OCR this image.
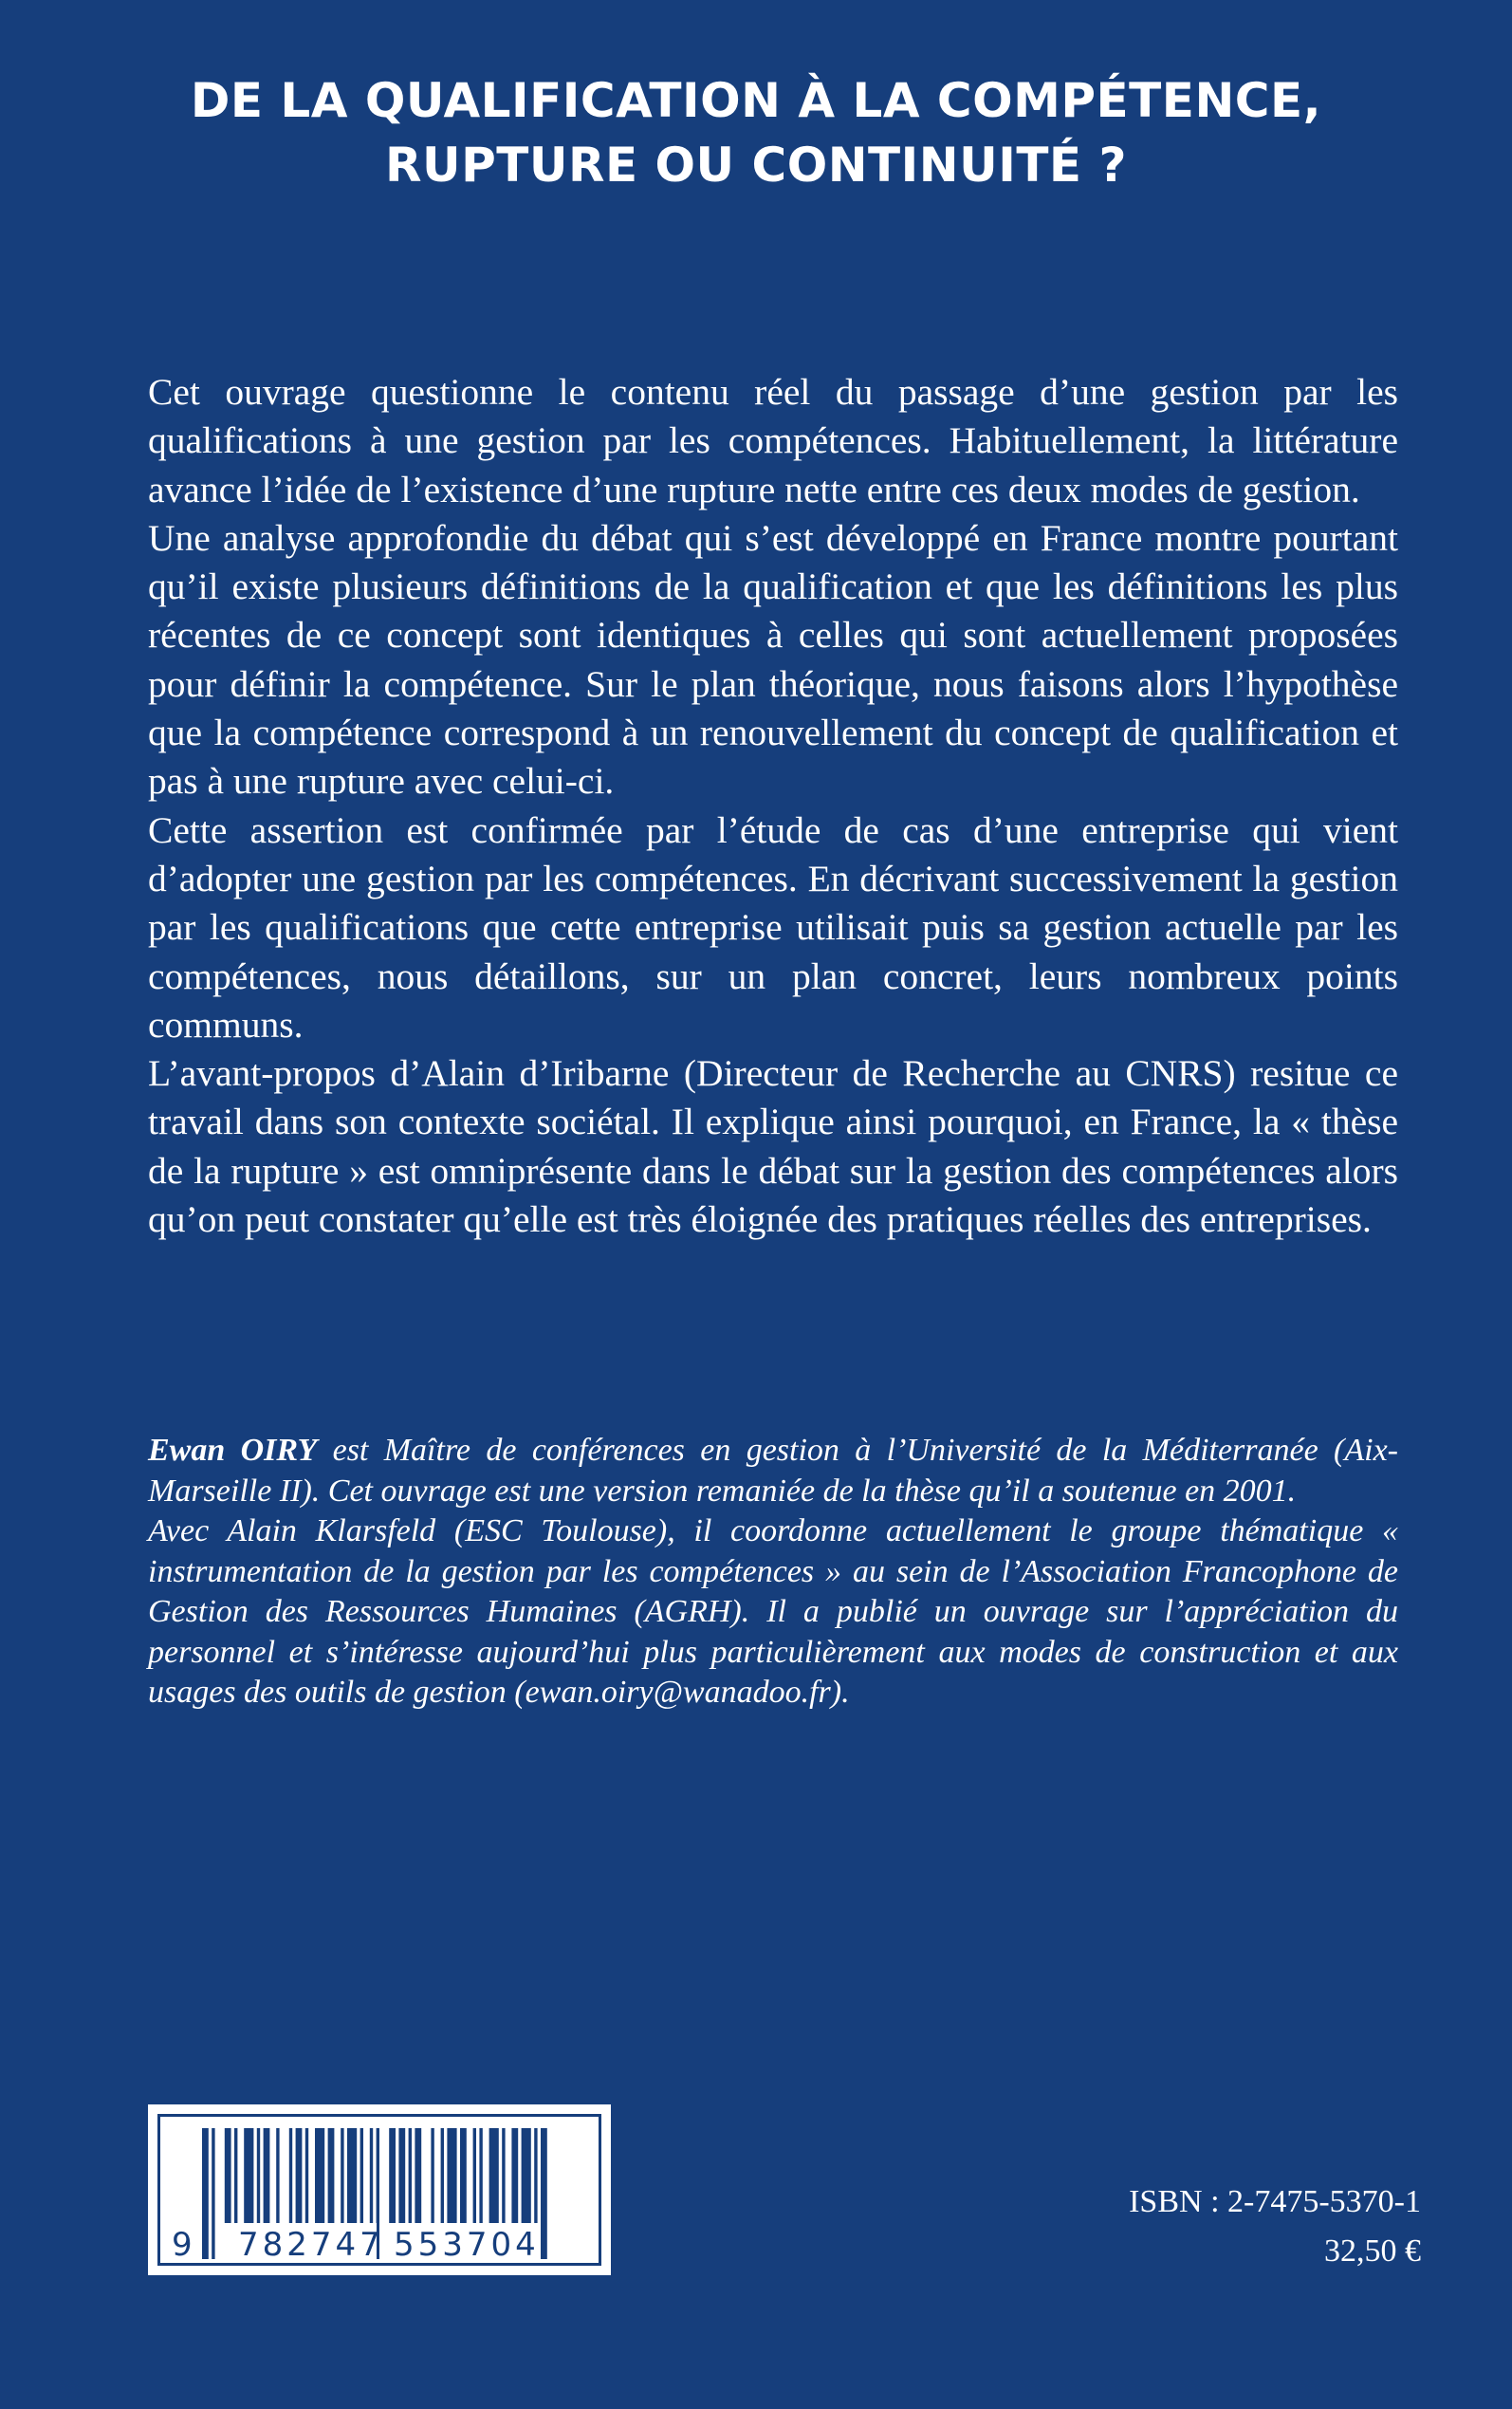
DE LA QUALIFICATION À LA COMPÉTENCE,
RUPTURE OU CONTINUITÉ ?

Cet ouvrage questionne le contenu réel du passage d’une gestion par les qualifications à une gestion par les compétences. Habituellement, la littérature avance l’idée de l’existence d’une rupture nette entre ces deux modes de gestion.

Une analyse approfondie du débat qui s’est développé en France montre pourtant qu’il existe plusieurs définitions de la qualification et que les définitions les plus récentes de ce concept sont identiques à celles qui sont actuellement proposées pour définir la compétence. Sur le plan théorique, nous faisons alors l’hypothèse que la compétence correspond à un renouvellement du concept de qualification et pas à une rupture avec celui-ci.

Cette assertion est confirmée par l’étude de cas d’une entreprise qui vient d’adopter une gestion par les compétences. En décrivant successivement la gestion par les qualifications que cette entreprise utilisait puis sa gestion actuelle par les compétences, nous détaillons, sur un plan concret, leurs nombreux points communs.

L’avant-propos d’Alain d’Iribarne (Directeur de Recherche au CNRS) resitue ce travail dans son contexte sociétal. Il explique ainsi pourquoi, en France, la « thèse de la rupture » est omniprésente dans le débat sur la gestion des compétences alors qu’on peut constater qu’elle est très éloignée des pratiques réelles des entreprises.

Ewan OIRY est Maître de conférences en gestion à l’Université de la Méditerranée (Aix-Marseille II). Cet ouvrage est une version remaniée de la thèse qu’il a soutenue en 2001.

Avec Alain Klarsfeld (ESC Toulouse), il coordonne actuellement le groupe thématique « instrumentation de la gestion par les compétences » au sein de l’Association Francophone de Gestion des Ressources Humaines (AGRH). Il a publié un ouvrage sur l’appréciation du personnel et s’intéresse aujourd’hui plus particulièrement aux modes de construction et aux usages des outils de gestion (ewan.oiry@wanadoo.fr).

9 782747 553704
ISBN : 2-7475-5370-1
32,50 €
